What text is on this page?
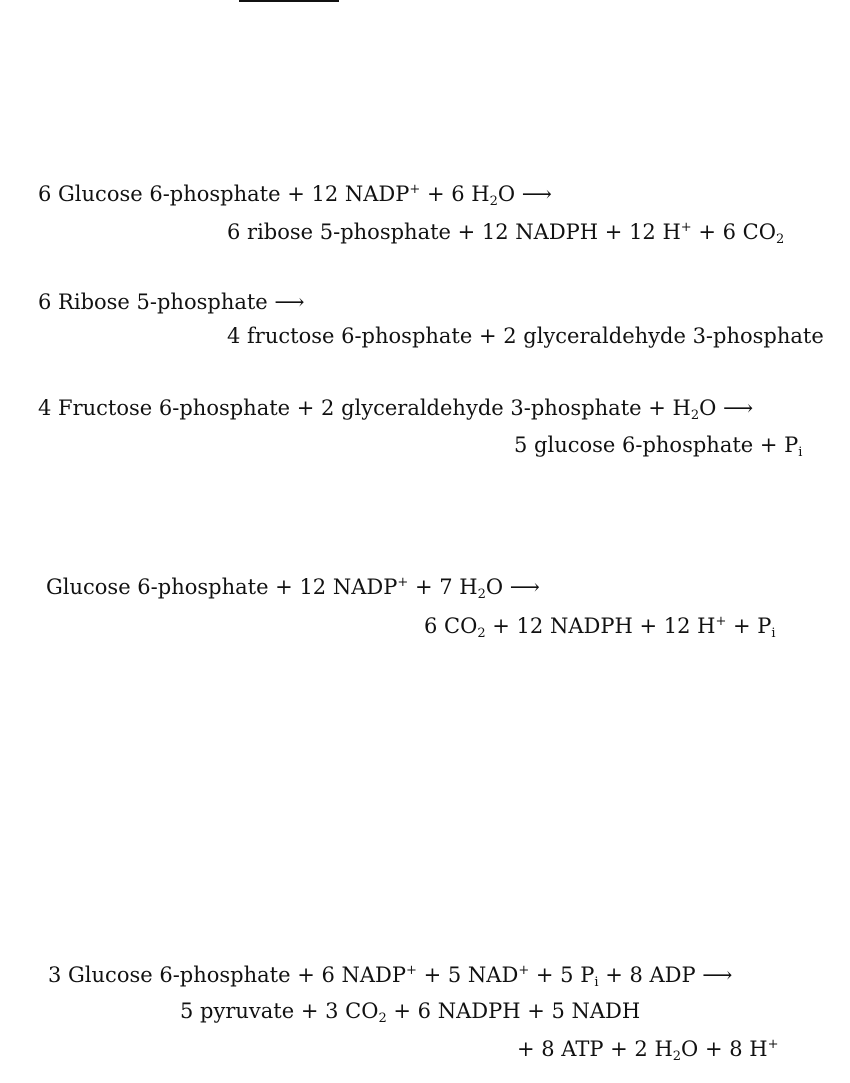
6 Glucose 6-phosphate + 12 NADP+ + 6 $H_2O$ ⟶
6 ribose 5-phosphate + 12 NADPH + 12 H+ + 6 $CO_2$
6 Ribose 5-phosphate ⟶
4 fructose 6-phosphate + 2 glyceraldehyde 3-phosphate
4 Fructose 6-phosphate + 2 glyceraldehyde 3-phosphate + $H_2O$ ⟶
5 glucose 6-phosphate + $P_i$
Glucose 6-phosphate + 12 NADP+ + 7 $H_2O$ ⟶
6 $CO_2 + 12$ NADPH + 12 $H^+ + P_i$
3 Glucose 6-phosphate + 6 NADP+ + 5 NAD+ + 5 $P_i + 8$ ADP ⟶
5 pyruvate + 3 $CO_2 + 6$ NADPH + 5 NADH
+ 8 ATP + 2 $H_2O + 8$ H+
